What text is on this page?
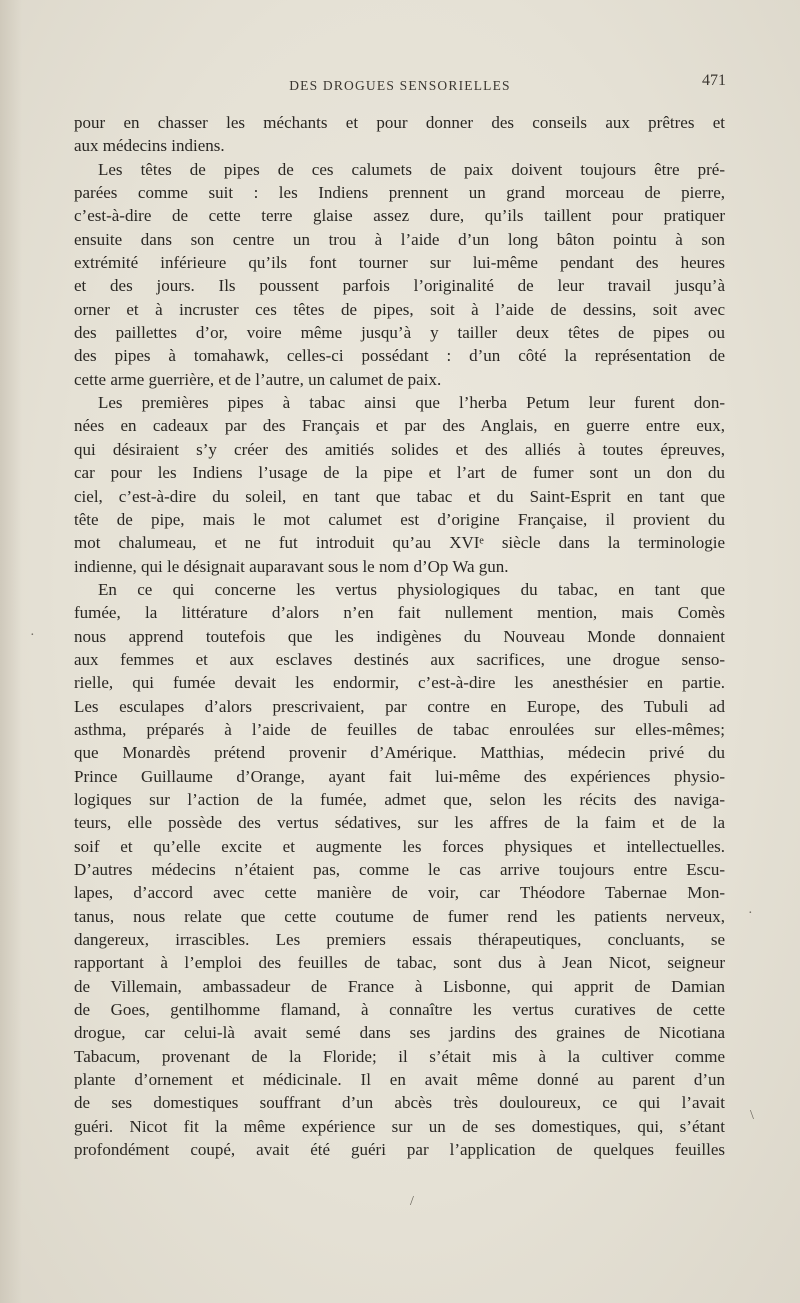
DES DROGUES SENSORIELLES	471
pour en chasser les méchants et pour donner des conseils aux prêtres et
aux médecins indiens.
Les têtes de pipes de ces calumets de paix doivent toujours être pré-
parées comme suit : les Indiens prennent un grand morceau de pierre,
c’est-à-dire de cette terre glaise assez dure, qu’ils taillent pour pratiquer
ensuite dans son centre un trou à l’aide d’un long bâton pointu à son
extrémité inférieure qu’ils font tourner sur lui-même pendant des heures
et des jours. Ils poussent parfois l’originalité de leur travail jusqu’à
orner et à incruster ces têtes de pipes, soit à l’aide de dessins, soit avec
des paillettes d’or, voire même jusqu’à y tailler deux têtes de pipes ou
des pipes à tomahawk, celles-ci possédant : d’un côté la représentation de
cette arme guerrière, et de l’autre, un calumet de paix.
Les premières pipes à tabac ainsi que l’herba Petum leur furent don-
nées en cadeaux par des Français et par des Anglais, en guerre entre eux,
qui désiraient s’y créer des amitiés solides et des alliés à toutes épreuves,
car pour les Indiens l’usage de la pipe et l’art de fumer sont un don du
ciel, c’est-à-dire du soleil, en tant que tabac et du Saint-Esprit en tant que
tête de pipe, mais le mot calumet est d’origine Française, il provient du
mot chalumeau, et ne fut introduit qu’au XVIᵉ siècle dans la terminologie
indienne, qui le désignait auparavant sous le nom d’Op Wa gun.
En ce qui concerne les vertus physiologiques du tabac, en tant que
fumée, la littérature d’alors n’en fait nullement mention, mais Comès
nous apprend toutefois que les indigènes du Nouveau Monde donnaient
aux femmes et aux esclaves destinés aux sacrifices, une drogue senso-
rielle, qui fumée devait les endormir, c’est-à-dire les anesthésier en partie.
Les esculapes d’alors prescrivaient, par contre en Europe, des Tubuli ad
asthma, préparés à l’aide de feuilles de tabac enroulées sur elles-mêmes;
que Monardès prétend provenir d’Amérique. Matthias, médecin privé du
Prince Guillaume d’Orange, ayant fait lui-même des expériences physio-
logiques sur l’action de la fumée, admet que, selon les récits des naviga-
teurs, elle possède des vertus sédatives, sur les affres de la faim et de la
soif et qu’elle excite et augmente les forces physiques et intellectuelles.
D’autres médecins n’étaient pas, comme le cas arrive toujours entre Escu-
lapes, d’accord avec cette manière de voir, car Théodore Tabernae Mon-
tanus, nous relate que cette coutume de fumer rend les patients nerveux,
dangereux, irrascibles. Les premiers essais thérapeutiques, concluants, se
rapportant à l’emploi des feuilles de tabac, sont dus à Jean Nicot, seigneur
de Villemain, ambassadeur de France à Lisbonne, qui apprit de Damian
de Goes, gentilhomme flamand, à connaître les vertus curatives de cette
drogue, car celui-là avait semé dans ses jardins des graines de Nicotiana
Tabacum, provenant de la Floride; il s’était mis à la cultiver comme
plante d’ornement et médicinale. Il en avait même donné au parent d’un
de ses domestiques souffrant d’un abcès très douloureux, ce qui l’avait
guéri. Nicot fit la même expérience sur un de ses domestiques, qui, s’étant
profondément coupé, avait été guéri par l’application de quelques feuilles
·
·
\
/
